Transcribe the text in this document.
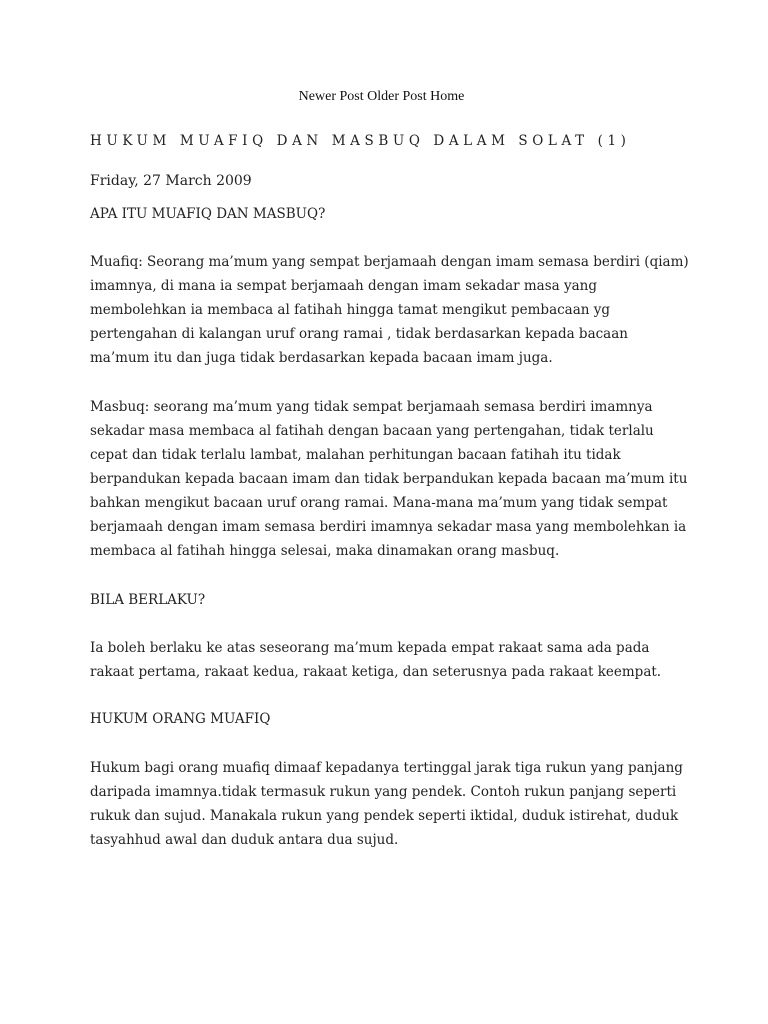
Newer Post Older Post Home
HUKUM MUAFIQ DAN MASBUQ DALAM SOLAT (1)
Friday, 27 March 2009

APA ITU MUAFIQ DAN MASBUQ?

Muafiq: Seorang ma’mum yang sempat berjamaah dengan imam semasa berdiri (qiam) imamnya, di mana ia sempat berjamaah dengan imam sekadar masa yang membolehkan ia membaca al fatihah hingga tamat mengikut pembacaan yg pertengahan di kalangan uruf orang ramai , tidak berdasarkan kepada bacaan ma’mum itu dan juga tidak berdasarkan kepada bacaan imam juga.

Masbuq: seorang ma’mum yang tidak sempat berjamaah semasa berdiri imamnya sekadar masa membaca al fatihah dengan bacaan yang pertengahan, tidak terlalu cepat dan tidak terlalu lambat, malahan perhitungan bacaan fatihah itu tidak berpandukan kepada bacaan imam dan tidak berpandukan kepada bacaan ma’mum itu bahkan mengikut bacaan uruf orang ramai. Mana-mana ma’mum yang tidak sempat berjamaah dengan imam semasa berdiri imamnya sekadar masa yang membolehkan ia membaca al fatihah hingga selesai, maka dinamakan orang masbuq.

BILA BERLAKU?

Ia boleh berlaku ke atas seseorang ma’mum kepada empat rakaat sama ada pada rakaat pertama, rakaat kedua, rakaat ketiga, dan seterusnya pada rakaat keempat.

HUKUM ORANG MUAFIQ

Hukum bagi orang muafiq dimaaf kepadanya tertinggal jarak tiga rukun yang panjang daripada imamnya.tidak termasuk rukun yang pendek. Contoh rukun panjang seperti rukuk dan sujud. Manakala rukun yang pendek seperti iktidal, duduk istirehat, duduk tasyahhud awal dan duduk antara dua sujud.
